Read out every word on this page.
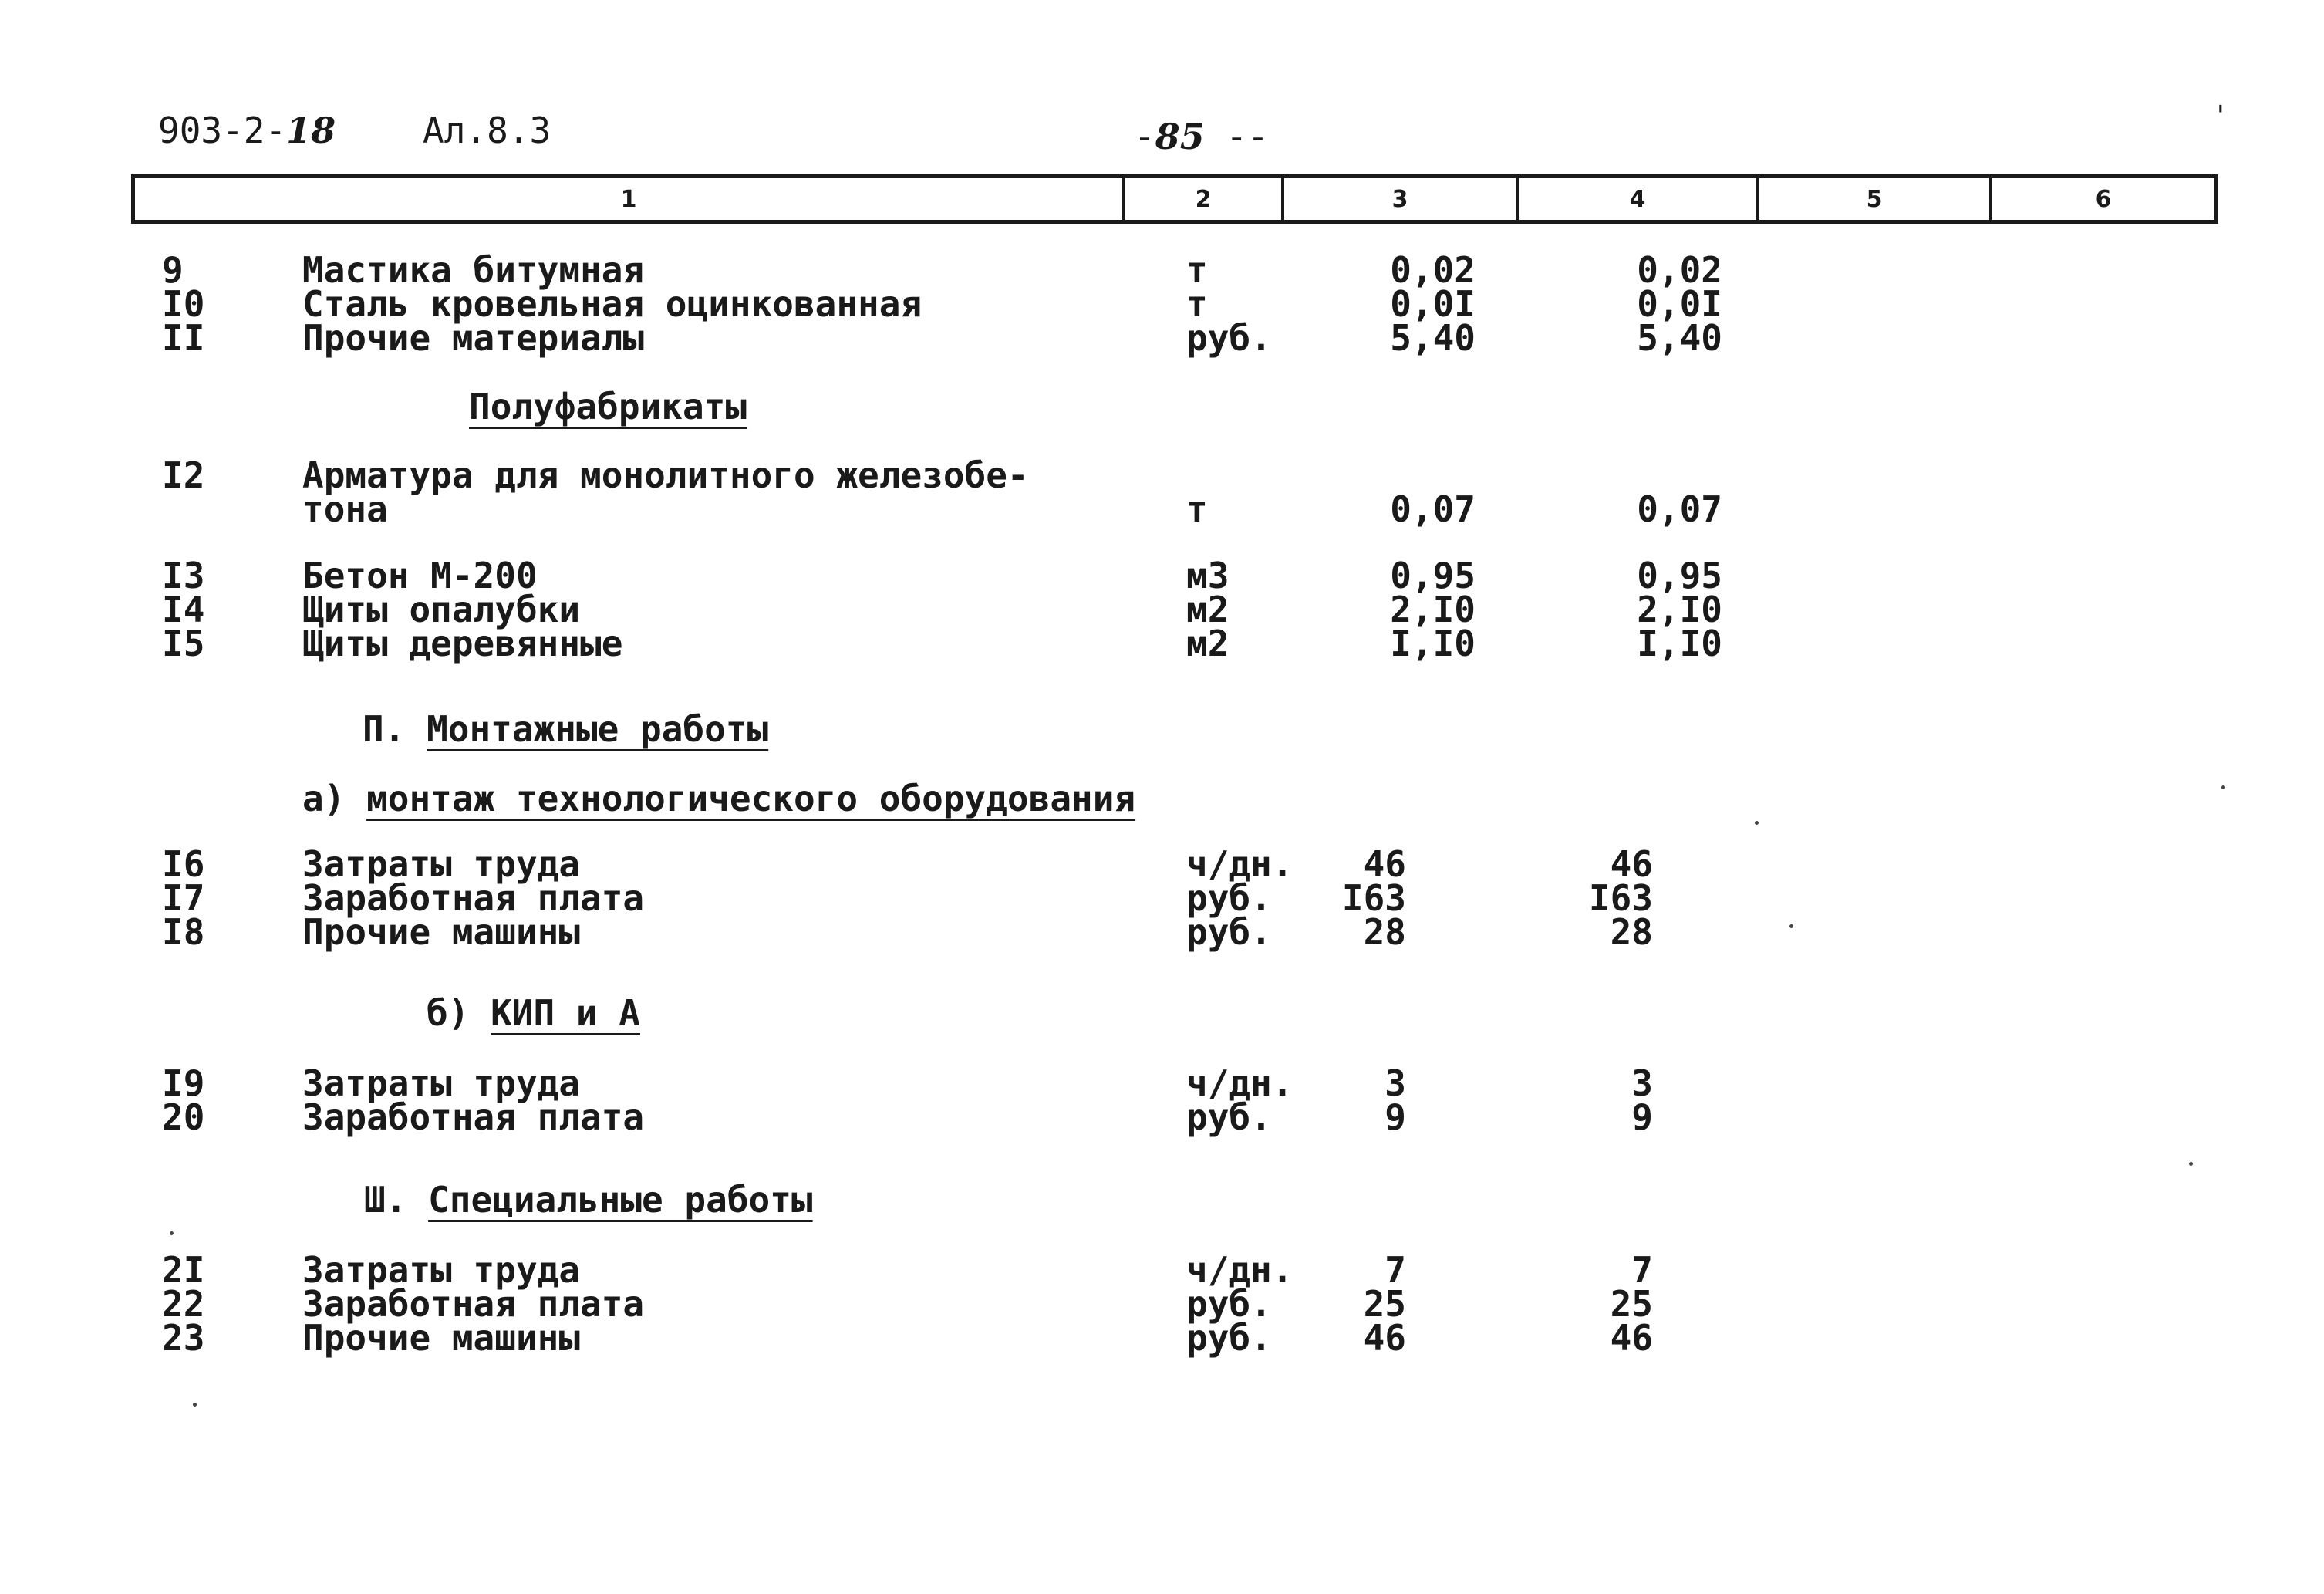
903-2-18 Ал.8.3	-85 --	'
1	2	3	4	5	6
9	Мастика битумная	т	0,02	0,02
I0	Сталь кровельная оцинкованная	т	0,0I	0,0I
II	Прочие материалы	руб.	5,40	5,40
Полуфабрикаты
I2	Арматура для монолитного железобе-
тона	т	0,07	0,07
I3	Бетон М-200	м3	0,95	0,95
I4	Щиты опалубки	м2	2,I0	2,I0
I5	Щиты деревянные	м2	I,I0	I,I0
П. Монтажные работы
а) монтаж технологического оборудования
I6	Затраты труда	ч/дн. 46	46
I7	Заработная плата	руб. I63	I63
I8	Прочие машины	руб.	28	28
б) КИП и А
I9	Затраты труда	ч/дн.	3	3
20	Заработная плата	руб.	9	9
Ш. Специальные работы
2I	Затраты труда	ч/дн.	7	7
22	Заработная плата	руб.	25	25
23	Прочие машины	руб.	46	46
